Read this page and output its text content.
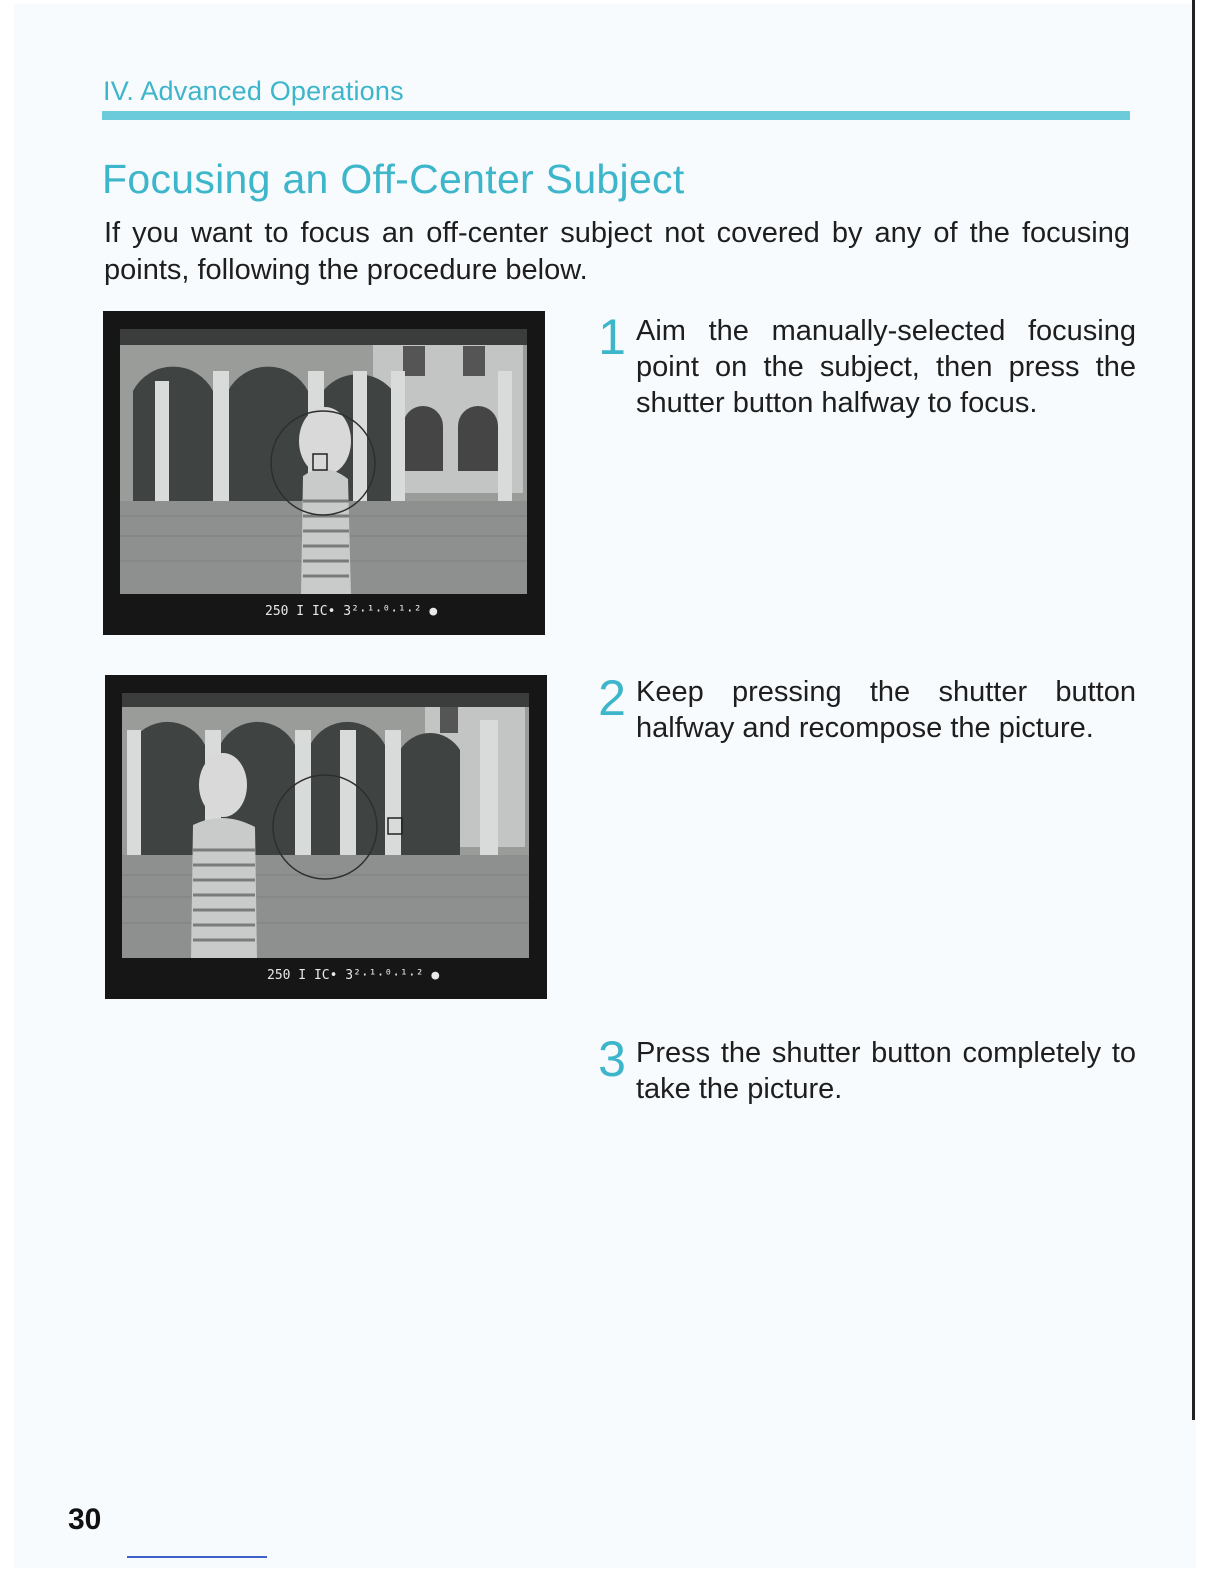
IV. Advanced Operations
Focusing an Off-Center Subject

If you want to focus an off-center subject not covered by any of the focusing points, following the procedure below.

250 I IC• 3²·¹·⁰·¹·² ●
250 I IC• 3²·¹·⁰·¹·² ●
1 Aim the manually-selected focusing point on the subject, then press the shutter button halfway to focus.
2 Keep pressing the shutter button halfway and recompose the picture.
3 Press the shutter button completely to take the picture.
30
